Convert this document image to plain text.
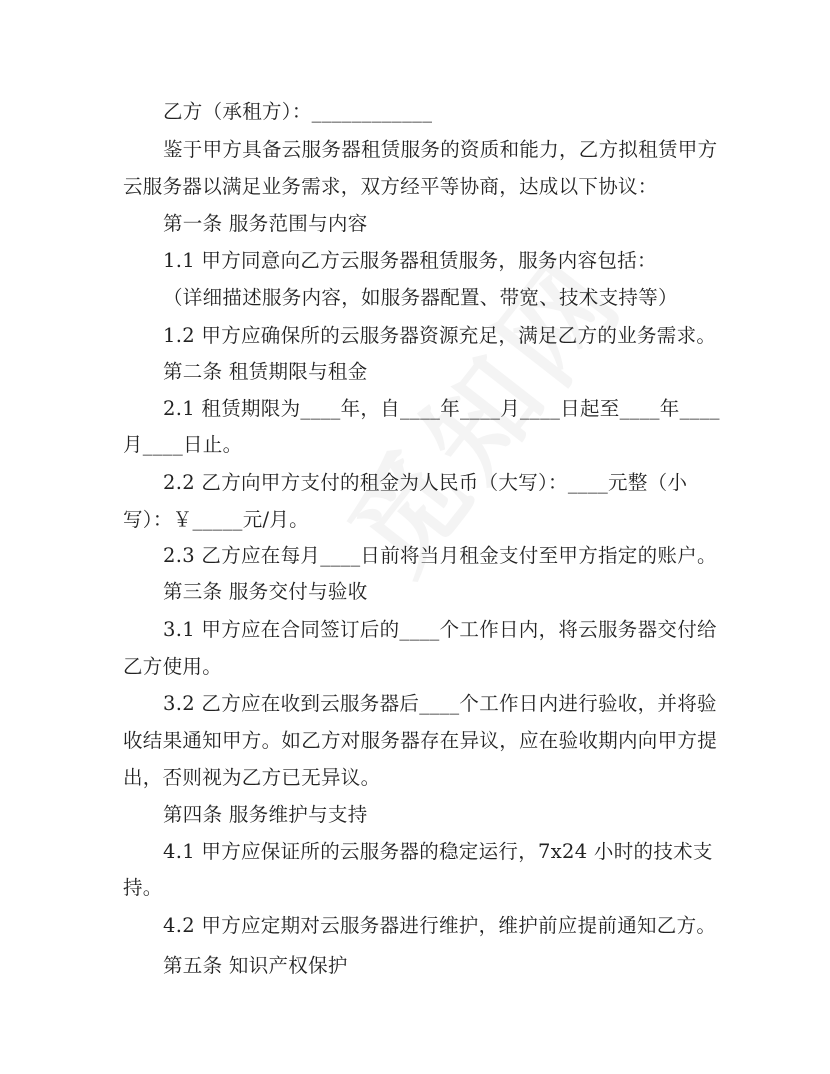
乙方（承租方）：____________
鉴于甲方具备云服务器租赁服务的资质和能力，乙方拟租赁甲方
云服务器以满足业务需求，双方经平等协商，达成以下协议：
第一条 服务范围与内容
1.1 甲方同意向乙方云服务器租赁服务，服务内容包括：
（详细描述服务内容，如服务器配置、带宽、技术支持等）
1.2 甲方应确保所的云服务器资源充足，满足乙方的业务需求。
第二条 租赁期限与租金
2.1 租赁期限为____年，自____年____月____日起至____年____
月____日止。
2.2 乙方向甲方支付的租金为人民币（大写）：____元整（小
写）：￥_____元/月。
2.3 乙方应在每月____日前将当月租金支付至甲方指定的账户。
第三条 服务交付与验收
3.1 甲方应在合同签订后的____个工作日内，将云服务器交付给
乙方使用。
3.2 乙方应在收到云服务器后____个工作日内进行验收，并将验
收结果通知甲方。如乙方对服务器存在异议，应在验收期内向甲方提
出，否则视为乙方已无异议。
第四条 服务维护与支持
4.1 甲方应保证所的云服务器的稳定运行，7x24 小时的技术支
持。
4.2 甲方应定期对云服务器进行维护，维护前应提前通知乙方。
第五条 知识产权保护
